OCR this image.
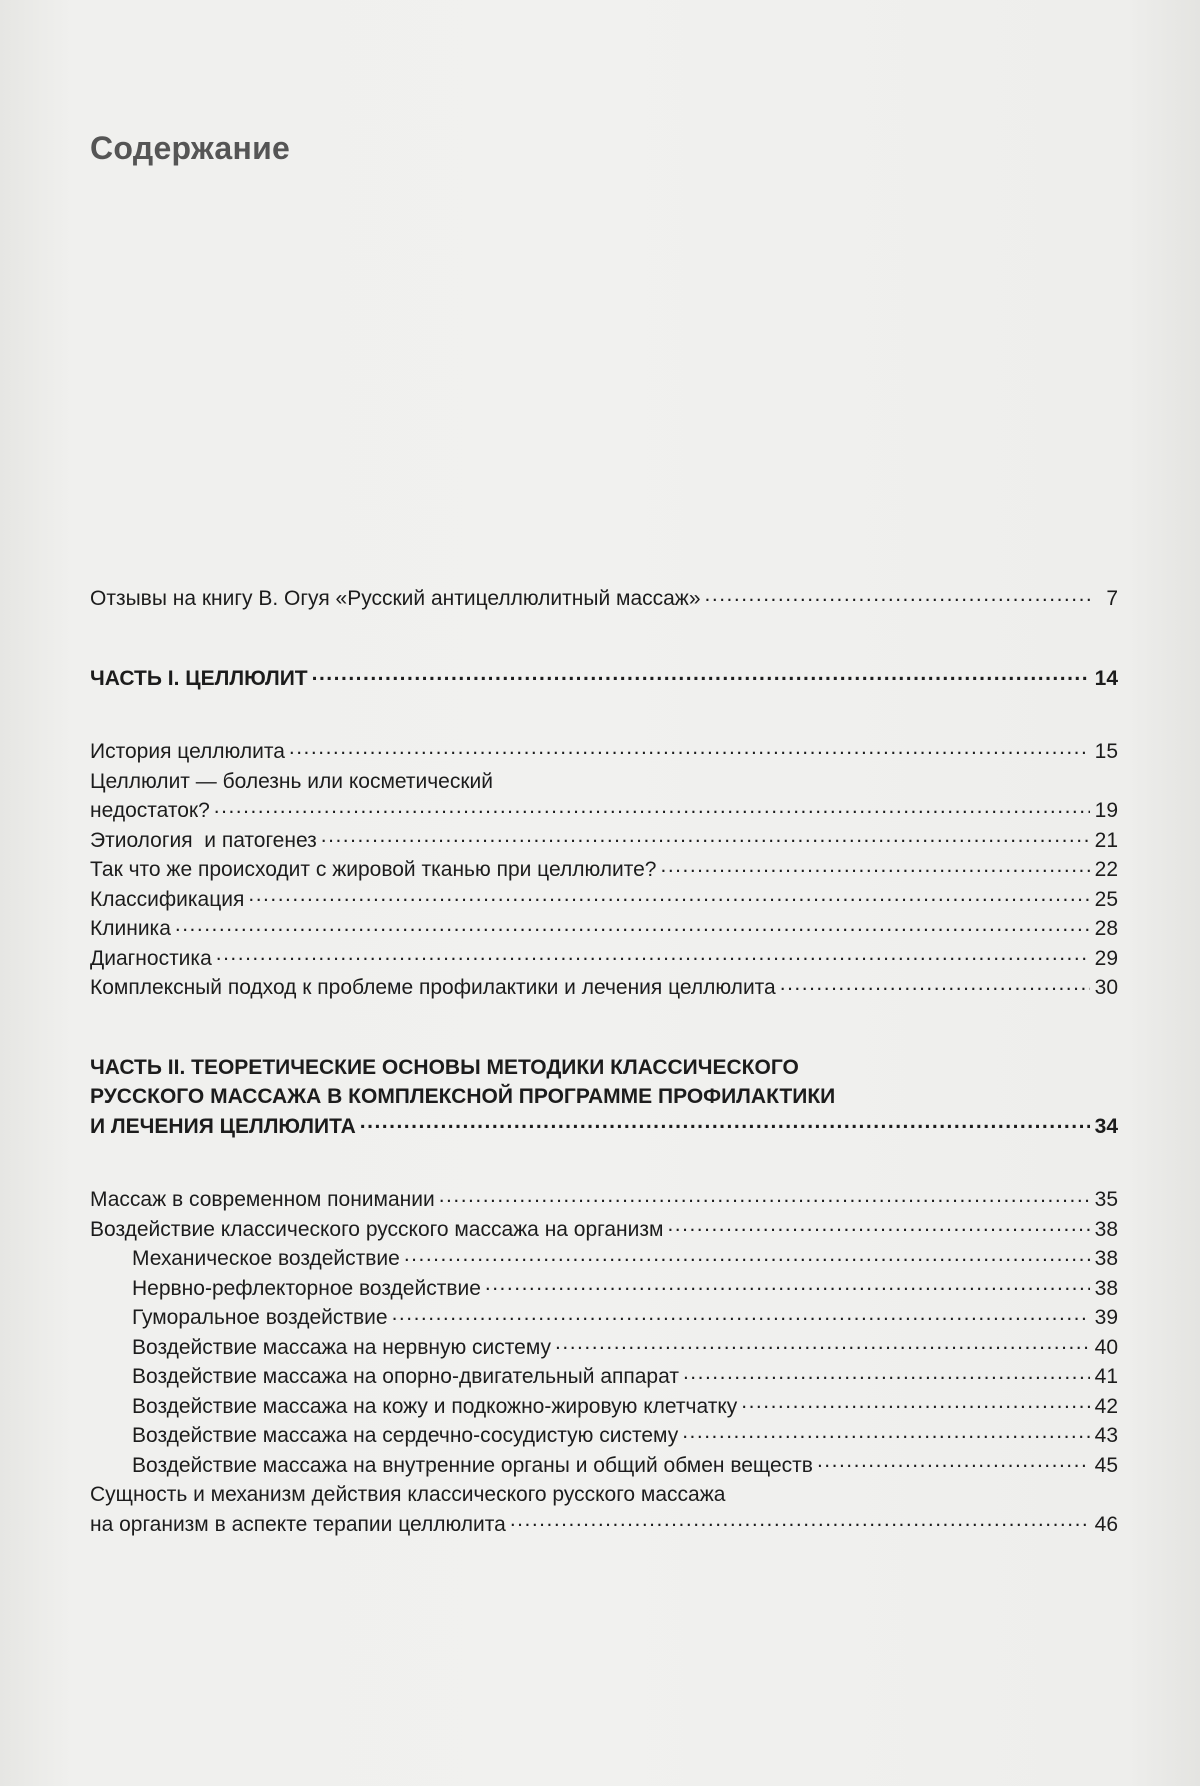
Содержание
Отзывы на книгу В. Огуя «Русский антицеллюлитный массаж» .....	7
ЧАСТЬ I. ЦЕЛЛЮЛИТ .....	14
История целлюлита .....	15
Целлюлит — болезнь или косметический
недостаток? .....	19
Этиология  и патогенез .....	21
Так что же происходит с жировой тканью при целлюлите? .....	22
Классификация .....	25
Клиника .....	28
Диагностика .....	29
Комплексный подход к проблеме профилактики и лечения целлюлита .....	30
ЧАСТЬ II. ТЕОРЕТИЧЕСКИЕ ОСНОВЫ МЕТОДИКИ КЛАССИЧЕСКОГО
РУССКОГО МАССАЖА В КОМПЛЕКСНОЙ ПРОГРАММЕ ПРОФИЛАКТИКИ
И ЛЕЧЕНИЯ ЦЕЛЛЮЛИТА .....	34
Массаж в современном понимании .....	35
Воздействие классического русского массажа на организм .....	38
Механическое воздействие .....	38
Нервно-рефлекторное воздействие .....	38
Гуморальное воздействие .....	39
Воздействие массажа на нервную систему .....	40
Воздействие массажа на опорно-двигательный аппарат .....	41
Воздействие массажа на кожу и подкожно-жировую клетчатку .....	42
Воздействие массажа на сердечно-сосудистую систему .....	43
Воздействие массажа на внутренние органы и общий обмен веществ .....	45
Сущность и механизм действия классического русского массажа
на организм в аспекте терапии целлюлита .....	46
